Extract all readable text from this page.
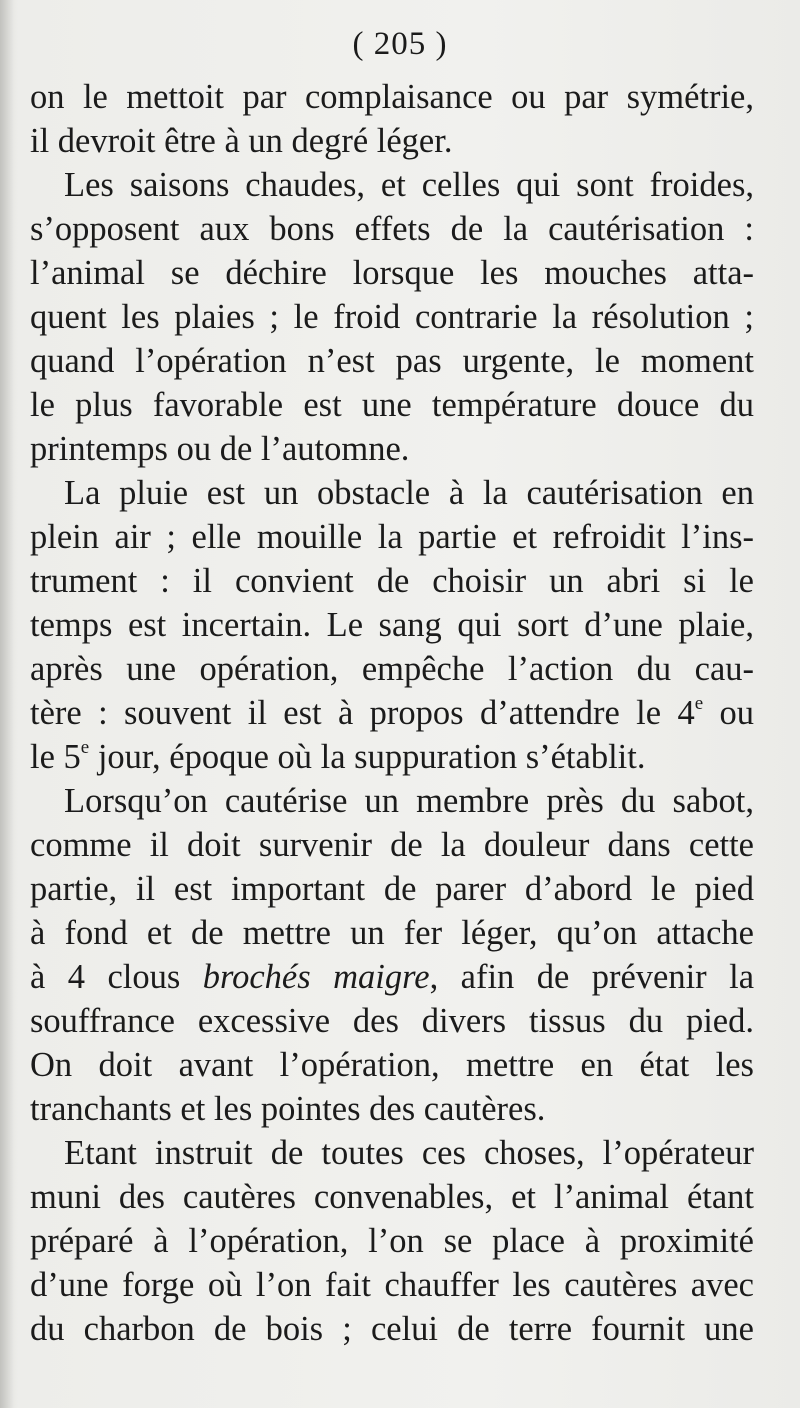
( 205 )

on le mettoit par complaisance ou par symétrie,
il devroit être à un degré léger.
Les saisons chaudes, et celles qui sont froides,
s’opposent aux bons effets de la cautérisation :
l’animal se déchire lorsque les mouches atta-
quent les plaies ; le froid contrarie la résolution ;
quand l’opération n’est pas urgente, le moment
le plus favorable est une température douce du
printemps ou de l’automne.
La pluie est un obstacle à la cautérisation en
plein air ; elle mouille la partie et refroidit l’ins-
trument : il convient de choisir un abri si le
temps est incertain. Le sang qui sort d’une plaie,
après une opération, empêche l’action du cau-
tère : souvent il est à propos d’attendre le 4e ou
le 5e jour, époque où la suppuration s’établit.
Lorsqu’on cautérise un membre près du sabot,
comme il doit survenir de la douleur dans cette
partie, il est important de parer d’abord le pied
à fond et de mettre un fer léger, qu’on attache
à 4 clous brochés maigre, afin de prévenir la
souffrance excessive des divers tissus du pied.
On doit avant l’opération, mettre en état les
tranchants et les pointes des cautères.
Etant instruit de toutes ces choses, l’opérateur
muni des cautères convenables, et l’animal étant
préparé à l’opération, l’on se place à proximité
d’une forge où l’on fait chauffer les cautères avec
du charbon de bois ; celui de terre fournit une
